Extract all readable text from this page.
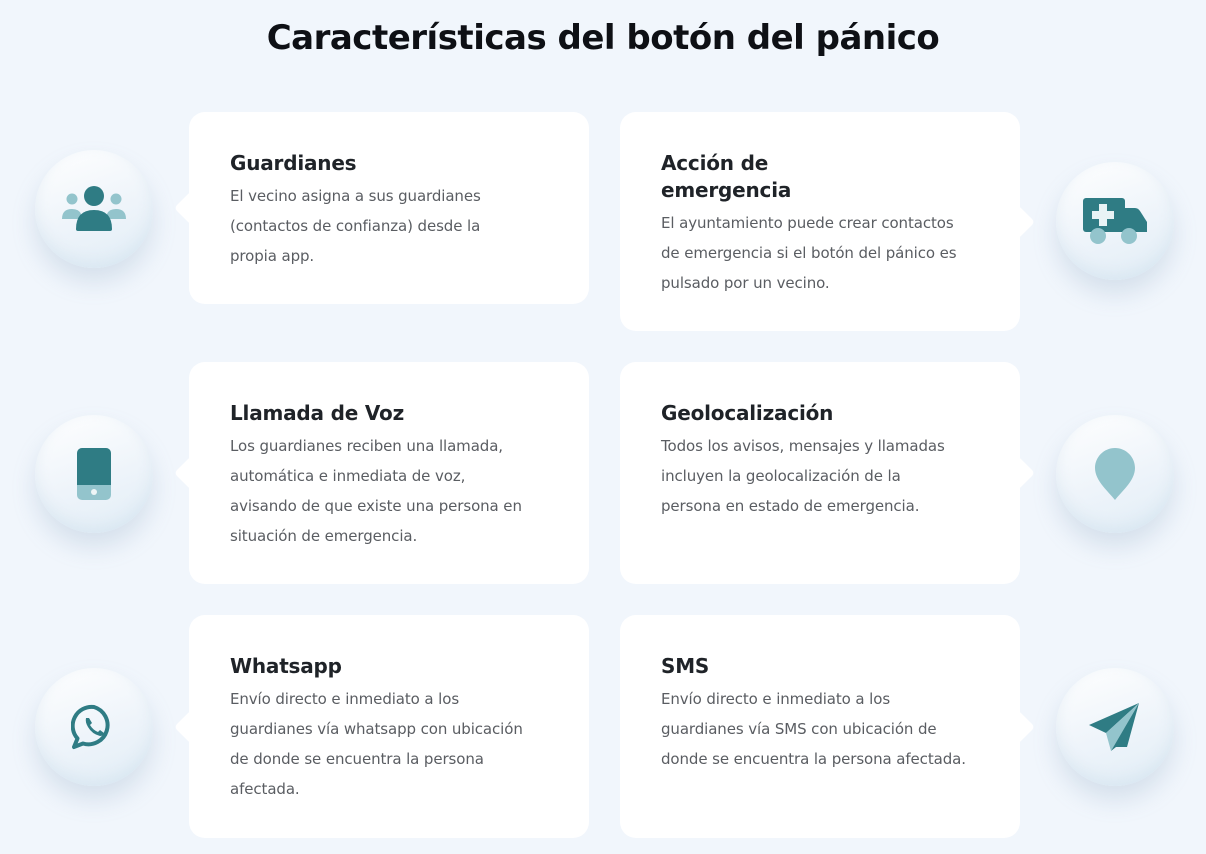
Características del botón del pánico
Guardianes

El vecino asigna a sus guardianes (contactos de confianza) desde la propia app.

Acción de emergencia

El ayuntamiento puede crear contactos de emergencia si el botón del pánico es pulsado por un vecino.

Llamada de Voz

Los guardianes reciben una llamada, automática e inmediata de voz, avisando de que existe una persona en situación de emergencia.

Geolocalización

Todos los avisos, mensajes y llamadas incluyen la geolocalización de la persona en estado de emergencia.

Whatsapp

Envío directo e inmediato a los guardianes vía whatsapp con ubicación de donde se encuentra la persona afectada.

SMS

Envío directo e inmediato a los guardianes vía SMS con ubicación de donde se encuentra la persona afectada.
